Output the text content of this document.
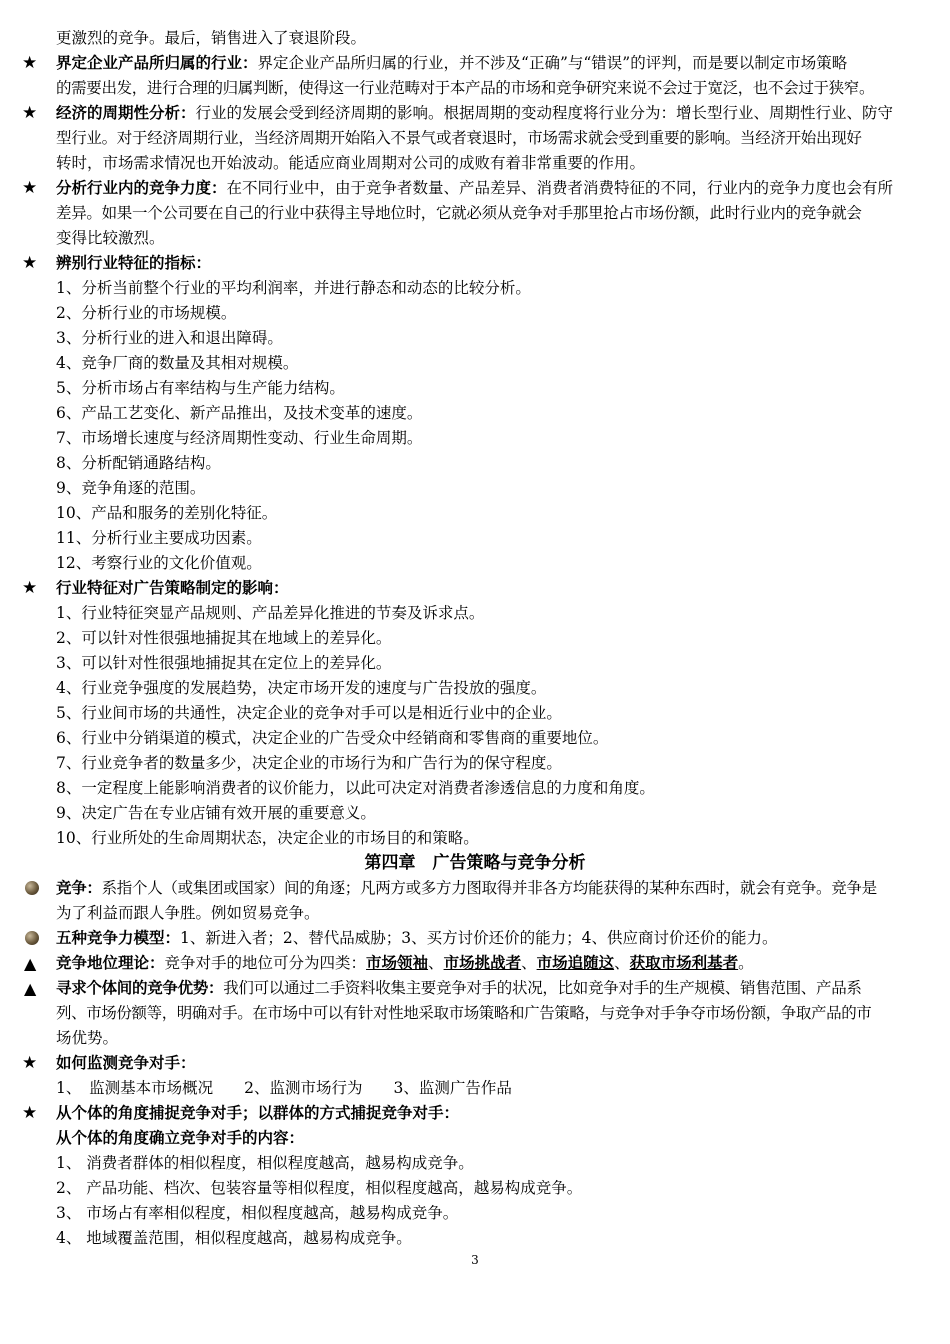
更激烈的竞争。最后，销售进入了衰退阶段。
★	界定企业产品所归属的行业：界定企业产品所归属的行业，并不涉及“正确”与“错误”的评判，而是要以制定市场策略
的需要出发，进行合理的归属判断，使得这一行业范畴对于本产品的市场和竞争研究来说不会过于宽泛，也不会过于狭窄。
★	经济的周期性分析：行业的发展会受到经济周期的影响。根据周期的变动程度将行业分为：增长型行业、周期性行业、防守
型行业。对于经济周期行业，当经济周期开始陷入不景气或者衰退时，市场需求就会受到重要的影响。当经济开始出现好
转时，市场需求情况也开始波动。能适应商业周期对公司的成败有着非常重要的作用。
★	分析行业内的竞争力度：在不同行业中，由于竞争者数量、产品差异、消费者消费特征的不同，行业内的竞争力度也会有所
差异。如果一个公司要在自己的行业中获得主导地位时，它就必须从竞争对手那里抢占市场份额，此时行业内的竞争就会
变得比较激烈。
★	辨别行业特征的指标：
1、分析当前整个行业的平均利润率，并进行静态和动态的比较分析。
2、分析行业的市场规模。
3、分析行业的进入和退出障碍。
4、竞争厂商的数量及其相对规模。
5、分析市场占有率结构与生产能力结构。
6、产品工艺变化、新产品推出，及技术变革的速度。
7、市场增长速度与经济周期性变动、行业生命周期。
8、分析配销通路结构。
9、竞争角逐的范围。
10、产品和服务的差别化特征。
11、分析行业主要成功因素。
12、考察行业的文化价值观。
★	行业特征对广告策略制定的影响：
1、行业特征突显产品规则、产品差异化推进的节奏及诉求点。
2、可以针对性很强地捕捉其在地域上的差异化。
3、可以针对性很强地捕捉其在定位上的差异化。
4、行业竞争强度的发展趋势，决定市场开发的速度与广告投放的强度。
5、行业间市场的共通性，决定企业的竞争对手可以是相近行业中的企业。
6、行业中分销渠道的模式，决定企业的广告受众中经销商和零售商的重要地位。
7、行业竞争者的数量多少，决定企业的市场行为和广告行为的保守程度。
8、一定程度上能影响消费者的议价能力，以此可决定对消费者渗透信息的力度和角度。
9、决定广告在专业店铺有效开展的重要意义。
10、行业所处的生命周期状态，决定企业的市场目的和策略。
第四章　广告策略与竞争分析
竞争：系指个人（或集团或国家）间的角逐；凡两方或多方力图取得并非各方均能获得的某种东西时，就会有竞争。竞争是
为了利益而跟人争胜。例如贸易竞争。
五种竞争力模型：1、新进入者；2、替代品威胁；3、买方讨价还价的能力；4、供应商讨价还价的能力。
▲ 竞争地位理论：竞争对手的地位可分为四类：市场领袖、市场挑战者、市场追随这、获取市场利基者。
▲ 寻求个体间的竞争优势：我们可以通过二手资料收集主要竞争对手的状况，比如竞争对手的生产规模、销售范围、产品系
列、市场份额等，明确对手。在市场中可以有针对性地采取市场策略和广告策略，与竞争对手争夺市场份额，争取产品的市
场优势。
★	如何监测竞争对手：
1、　监测基本市场概况　　2、监测市场行为　　3、监测广告作品
★	从个体的角度捕捉竞争对手；以群体的方式捕捉竞争对手：
从个体的角度确立竞争对手的内容：
1、 消费者群体的相似程度，相似程度越高，越易构成竞争。
2、 产品功能、档次、包装容量等相似程度，相似程度越高，越易构成竞争。
3、 市场占有率相似程度，相似程度越高，越易构成竞争。
4、 地域覆盖范围，相似程度越高，越易构成竞争。
3
